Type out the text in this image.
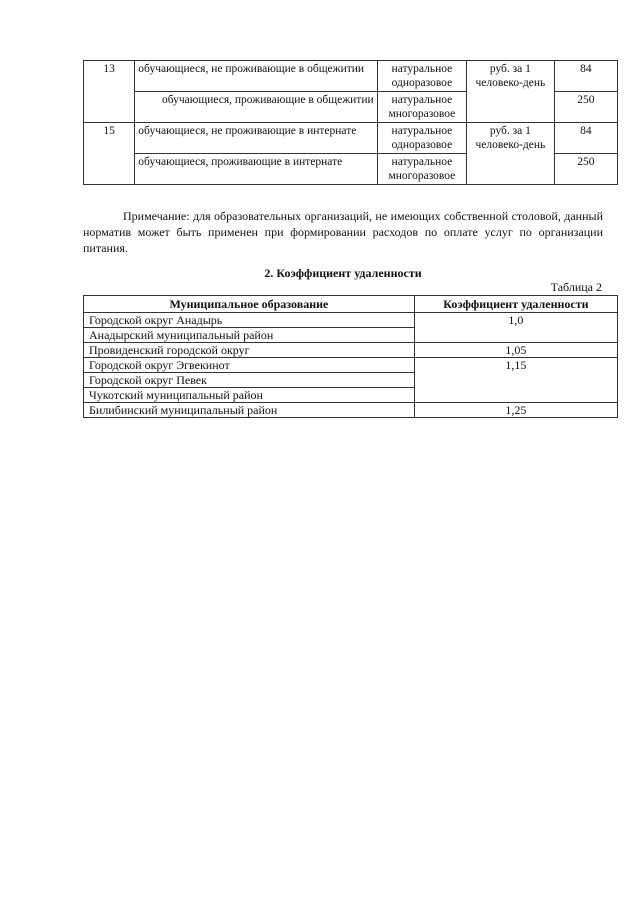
13	обучающиеся, не проживающие в общежитии	натуральное одноразовое	руб. за 1 человеко-день	84
	обучающиеся, проживающие в общежитии	натуральное многоразовое		250
15	обучающиеся, не проживающие в интернате	натуральное одноразовое	руб. за 1 человеко-день	84
	обучающиеся, проживающие в интернате	натуральное многоразовое		250

Примечание: для образовательных организаций, не имеющих собственной столовой, данный норматив может быть применен при формировании расходов по оплате услуг по организации питания.

2. Коэффициент удаленности
Таблица 2
Муниципальное образование	Коэффициент удаленности
Городской округ Анадырь	1,0
Анадырский муниципальный район	
Провиденский городской округ	1,05
Городской округ Эгвекинот	1,15
Городской округ Певек	
Чукотский муниципальный район	
Билибинский муниципальный район	1,25
